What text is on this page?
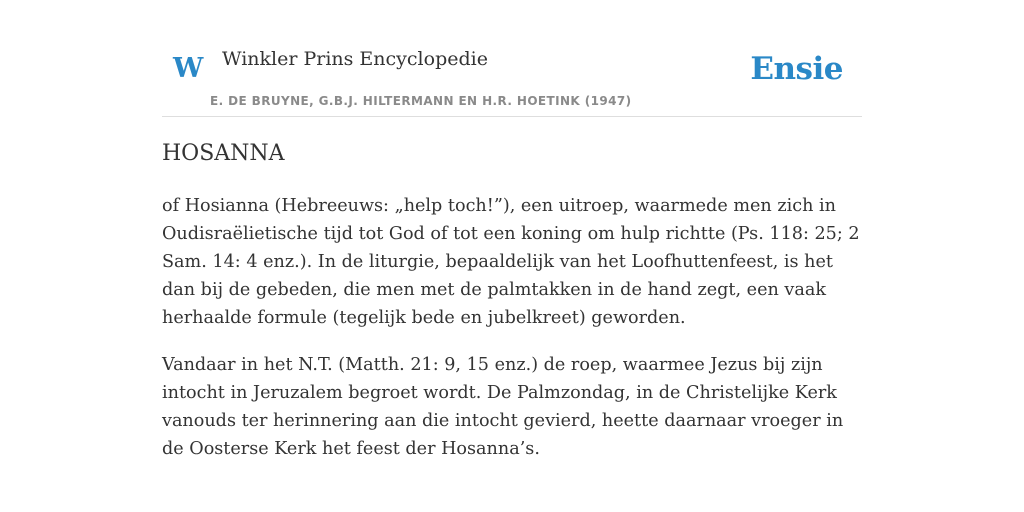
W Winkler Prins Encyclopedie
E. DE BRUYNE, G.B.J. HILTERMANN EN H.R. HOETINK (1947)
Ensie
HOSANNA

of Hosianna (Hebreeuws: „help toch!”), een uitroep, waarmede men zich in Oudisraëlietische tijd tot God of tot een koning om hulp richtte (Ps. 118: 25; 2 Sam. 14: 4 enz.). In de liturgie, bepaaldelijk van het Loofhuttenfeest, is het dan bij de gebeden, die men met de palmtakken in de hand zegt, een vaak herhaalde formule (tegelijk bede en jubelkreet) geworden.

Vandaar in het N.T. (Matth. 21: 9, 15 enz.) de roep, waarmee Jezus bij zijn intocht in Jeruzalem begroet wordt. De Palmzondag, in de Christelijke Kerk vanouds ter herinnering aan die intocht gevierd, heette daarnaar vroeger in de Oosterse Kerk het feest der Hosanna’s.
